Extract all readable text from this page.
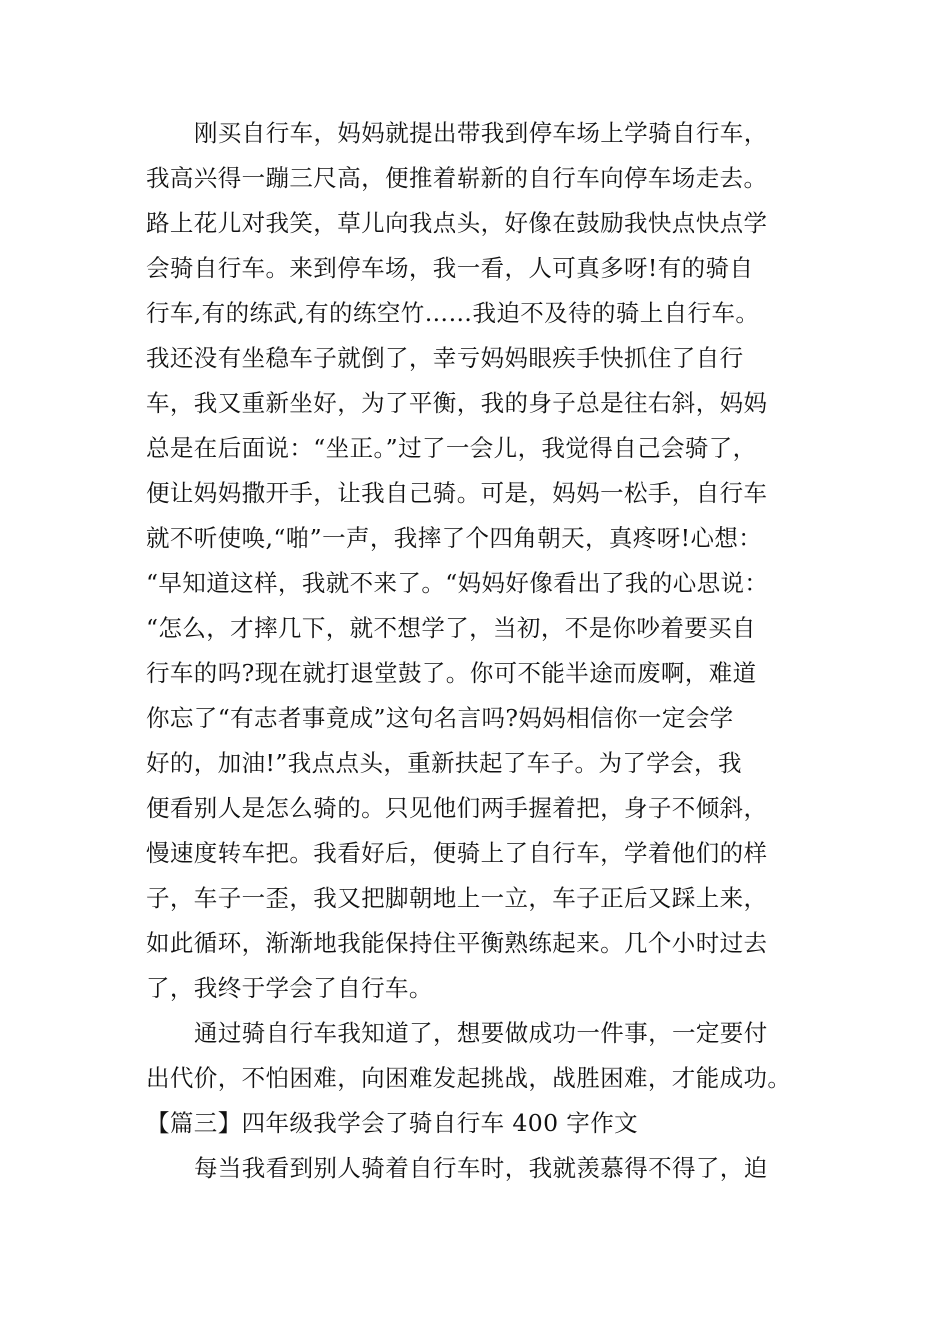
刚买自行车，妈妈就提出带我到停车场上学骑自行车，
我高兴得一蹦三尺高，便推着崭新的自行车向停车场走去。
路上花儿对我笑，草儿向我点头，好像在鼓励我快点快点学
会骑自行车。来到停车场，我一看，人可真多呀!有的骑自
行车,有的练武,有的练空竹……我迫不及待的骑上自行车。
我还没有坐稳车子就倒了，幸亏妈妈眼疾手快抓住了自行
车，我又重新坐好，为了平衡，我的身子总是往右斜，妈妈
总是在后面说：“坐正。”过了一会儿，我觉得自己会骑了，
便让妈妈撒开手，让我自己骑。可是，妈妈一松手，自行车
就不听使唤,“啪”一声，我摔了个四角朝天，真疼呀!心想：
“早知道这样，我就不来了。“妈妈好像看出了我的心思说：
“怎么，才摔几下，就不想学了，当初，不是你吵着要买自
行车的吗?现在就打退堂鼓了。你可不能半途而废啊，难道
你忘了“有志者事竟成”这句名言吗?妈妈相信你一定会学
好的，加油!”我点点头，重新扶起了车子。为了学会，我
便看别人是怎么骑的。只见他们两手握着把，身子不倾斜，
慢速度转车把。我看好后，便骑上了自行车，学着他们的样
子，车子一歪，我又把脚朝地上一立，车子正后又踩上来，
如此循环，渐渐地我能保持住平衡熟练起来。几个小时过去
了，我终于学会了自行车。
通过骑自行车我知道了，想要做成功一件事，一定要付
出代价，不怕困难，向困难发起挑战，战胜困难，才能成功。
【篇三】四年级我学会了骑自行车 400 字作文
每当我看到别人骑着自行车时，我就羡慕得不得了，迫
